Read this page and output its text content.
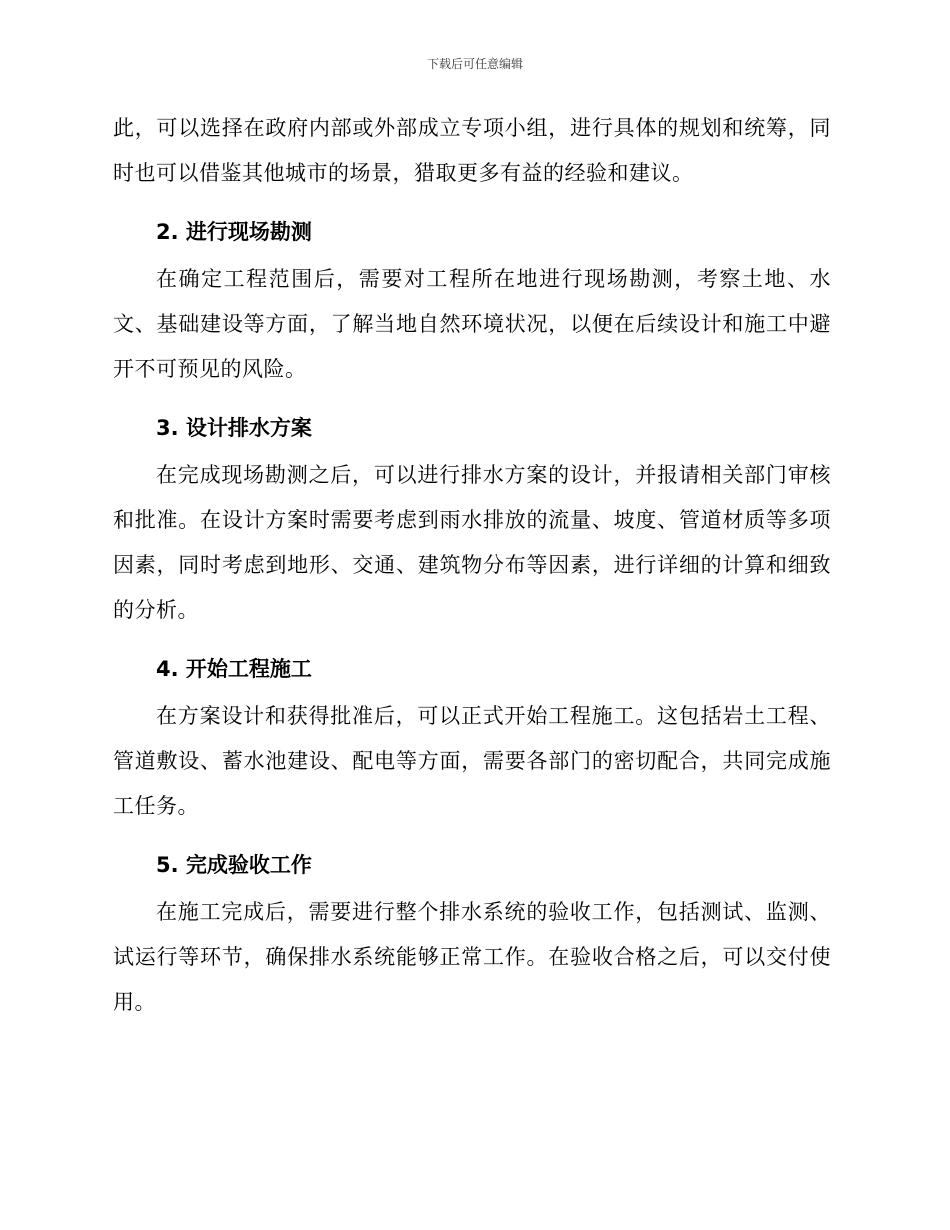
下载后可任意编辑

此，可以选择在政府内部或外部成立专项小组，进行具体的规划和统筹，同时也可以借鉴其他城市的场景，猎取更多有益的经验和建议。

2. 进行现场勘测

在确定工程范围后，需要对工程所在地进行现场勘测，考察土地、水文、基础建设等方面，了解当地自然环境状况，以便在后续设计和施工中避开不可预见的风险。

3. 设计排水方案

在完成现场勘测之后，可以进行排水方案的设计，并报请相关部门审核和批准。在设计方案时需要考虑到雨水排放的流量、坡度、管道材质等多项因素，同时考虑到地形、交通、建筑物分布等因素，进行详细的计算和细致的分析。

4. 开始工程施工

在方案设计和获得批准后，可以正式开始工程施工。这包括岩土工程、管道敷设、蓄水池建设、配电等方面，需要各部门的密切配合，共同完成施工任务。

5. 完成验收工作

在施工完成后，需要进行整个排水系统的验收工作，包括测试、监测、试运行等环节，确保排水系统能够正常工作。在验收合格之后，可以交付使用。
